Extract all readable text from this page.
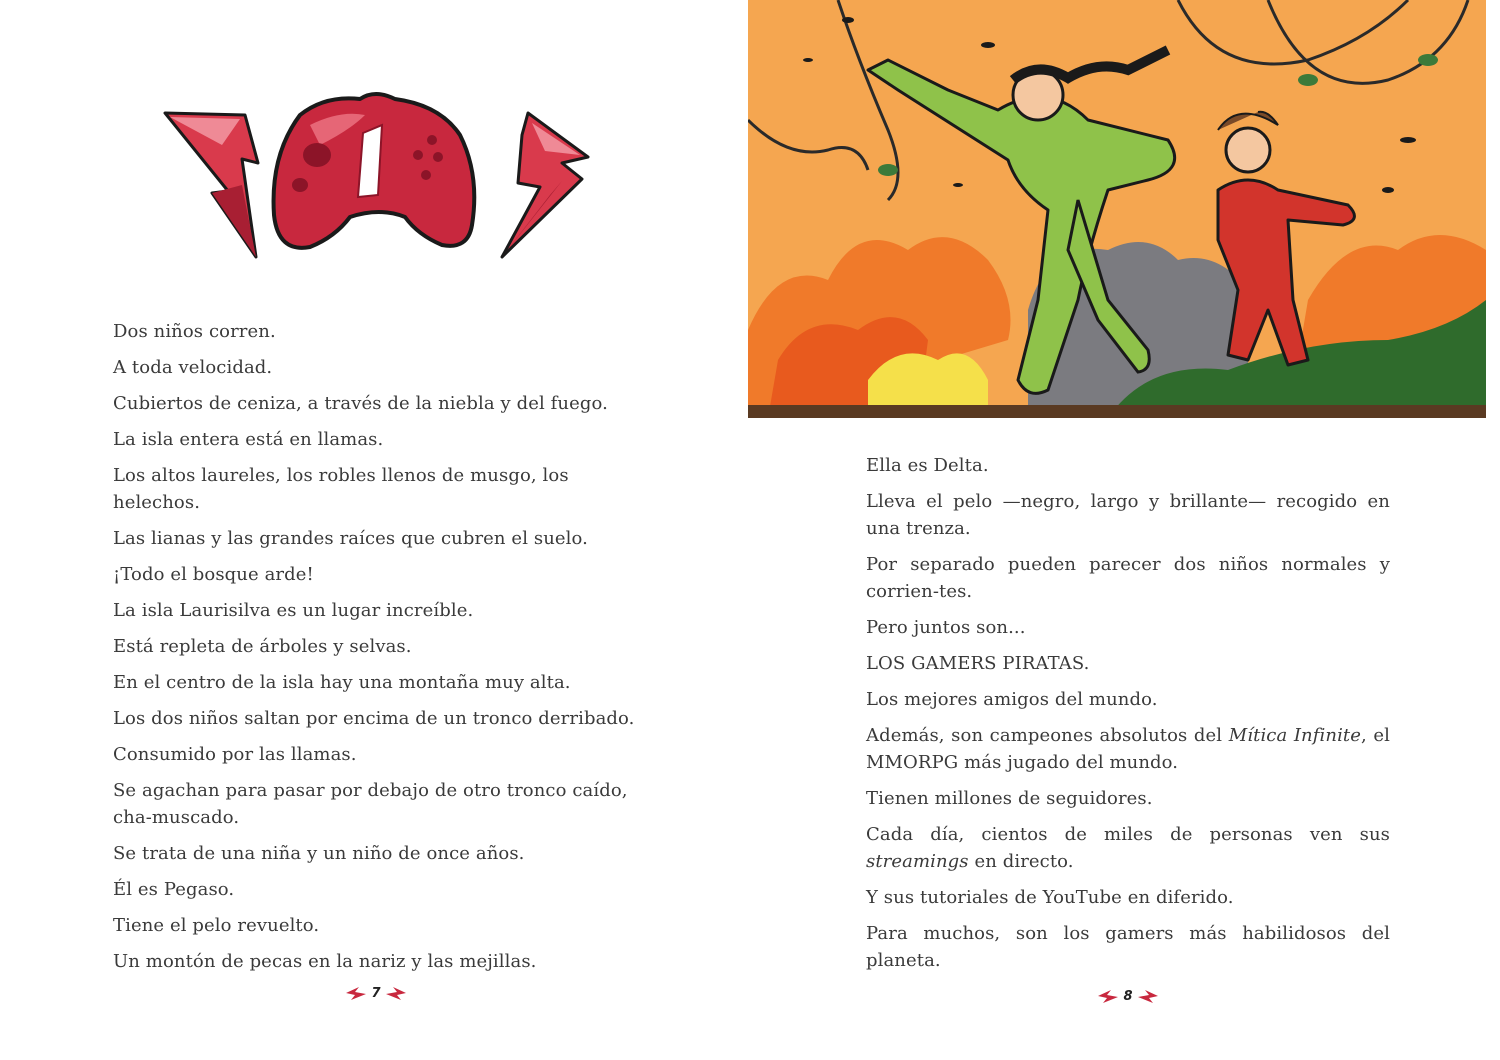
Dos niños corren.

A toda velocidad.

Cubiertos de ceniza, a través de la niebla y del fuego.

La isla entera está en llamas.

Los altos laureles, los robles llenos de musgo, los helechos.

Las lianas y las grandes raíces que cubren el suelo.

¡Todo el bosque arde!

La isla Laurisilva es un lugar increíble.

Está repleta de árboles y selvas.

En el centro de la isla hay una montaña muy alta.

Los dos niños saltan por encima de un tronco derribado.

Consumido por las llamas.

Se agachan para pasar por debajo de otro tronco caído, cha-muscado.

Se trata de una niña y un niño de once años.

Él es Pegaso.

Tiene el pelo revuelto.

Un montón de pecas en la nariz y las mejillas.

7

Ella es Delta.

Lleva el pelo —negro, largo y brillante— recogido en una trenza.

Por separado pueden parecer dos niños normales y corrien-tes.

Pero juntos son...

LOS GAMERS PIRATAS.

Los mejores amigos del mundo.

Además, son campeones absolutos del Mítica Infinite, el MMORPG más jugado del mundo.

Tienen millones de seguidores.

Cada día, cientos de miles de personas ven sus streamings en directo.

Y sus tutoriales de YouTube en diferido.

Para muchos, son los gamers más habilidosos del planeta.

8
